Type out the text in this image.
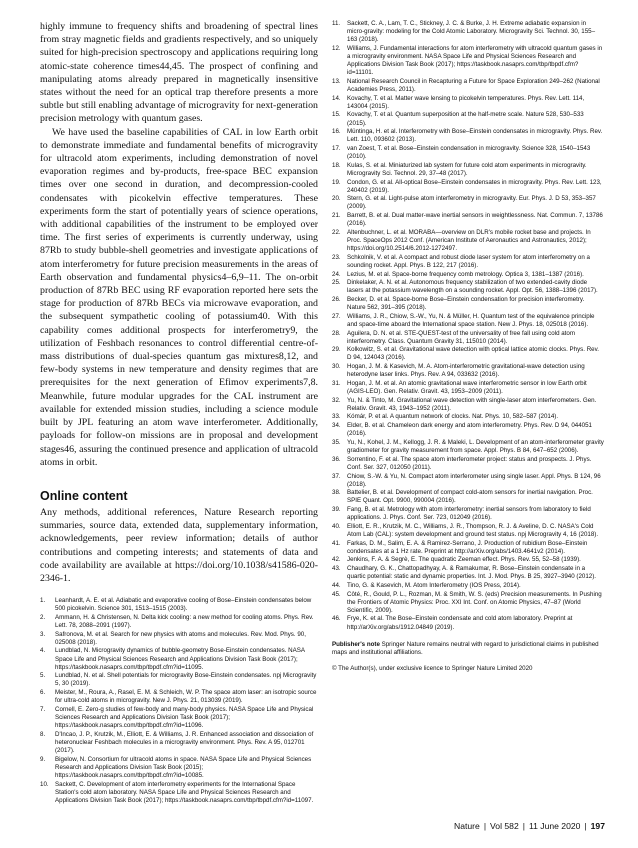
highly immune to frequency shifts and broadening of spectral lines from stray magnetic fields and gradients respectively, and so uniquely suited for high-precision spectroscopy and applications requiring long atomic-state coherence times44,45. The prospect of confining and manipulating atoms already prepared in magnetically insensitive states without the need for an optical trap therefore presents a more subtle but still enabling advantage of microgravity for next-generation precision metrology with quantum gases.

We have used the baseline capabilities of CAL in low Earth orbit to demonstrate immediate and fundamental benefits of microgravity for ultracold atom experiments, including demonstration of novel evaporation regimes and by-products, free-space BEC expansion times over one second in duration, and decompression-cooled condensates with picokelvin effective temperatures. These experiments form the start of potentially years of science operations, with additional capabilities of the instrument to be employed over time. The first series of experiments is currently underway, using 87Rb to study bubble-shell geometries and investigate applications of atom interferometry for future precision measurements in the areas of Earth observation and fundamental physics4–6,9–11. The on-orbit production of 87Rb BEC using RF evaporation reported here sets the stage for production of 87Rb BECs via microwave evaporation, and the subsequent sympathetic cooling of potassium40. With this capability comes additional prospects for interferometry9, the utilization of Feshbach resonances to control differential centre-of-mass distributions of dual-species quantum gas mixtures8,12, and few-body systems in new temperature and density regimes that are prerequisites for the next generation of Efimov experiments7,8. Meanwhile, future modular upgrades for the CAL instrument are available for extended mission studies, including a science module built by JPL featuring an atom wave interferometer. Additionally, payloads for follow-on missions are in proposal and development stages46, assuring the continued presence and application of ultracold atoms in orbit.

Online content

Any methods, additional references, Nature Research reporting summaries, source data, extended data, supplementary information, acknowledgements, peer review information; details of author contributions and competing interests; and statements of data and code availability are available at https://doi.org/10.1038/s41586-020-2346-1.

1.	Leanhardt, A. E. et al. Adiabatic and evaporative cooling of Bose–Einstein condensates below 500 picokelvin. Science 301, 1513–1515 (2003).
2.	Ammann, H. & Christensen, N. Delta kick cooling: a new method for cooling atoms. Phys. Rev. Lett. 78, 2088–2091 (1997).
3.	Safronova, M. et al. Search for new physics with atoms and molecules. Rev. Mod. Phys. 90, 025008 (2018).
4.	Lundblad, N. Microgravity dynamics of bubble-geometry Bose-Einstein condensates. NASA Space Life and Physical Sciences Research and Applications Division Task Book (2017); https://taskbook.nasaprs.com/tbp/tbpdf.cfm?id=11095.
5.	Lundblad, N. et al. Shell potentials for microgravity Bose-Einstein condensates. npj Microgravity 5, 30 (2019).
6.	Meister, M., Roura, A., Rasel, E. M. & Schleich, W. P. The space atom laser: an isotropic source for ultra-cold atoms in microgravity. New J. Phys. 21, 013039 (2019).
7.	Cornell, E. Zero-g studies of few-body and many-body physics. NASA Space Life and Physical Sciences Research and Applications Division Task Book (2017); https://taskbook.nasaprs.com/tbp/tbpdf.cfm?id=11096.
8.	D'Incao, J. P., Krutzik, M., Elliott, E. & Williams, J. R. Enhanced association and dissociation of heteronuclear Feshbach molecules in a microgravity environment. Phys. Rev. A 95, 012701 (2017).
9.	Bigelow, N. Consortium for ultracold atoms in space. NASA Space Life and Physical Sciences Research and Applications Division Task Book (2015); https://taskbook.nasaprs.com/tbp/tbpdf.cfm?id=10085.
10.	Sackett, C. Development of atom interferometry experiments for the International Space Station's cold atom laboratory. NASA Space Life and Physical Sciences Research and Applications Division Task Book (2017); https://taskbook.nasaprs.com/tbp/tbpdf.cfm?id=11097.
11.	Sackett, C. A., Lam, T. C., Stickney, J. C. & Burke, J. H. Extreme adiabatic expansion in micro-gravity: modeling for the Cold Atomic Laboratory. Microgravity Sci. Technol. 30, 155–163 (2018).
12.	Williams, J. Fundamental interactions for atom interferometry with ultracold quantum gases in a microgravity environment. NASA Space Life and Physical Sciences Research and Applications Division Task Book (2017); https://taskbook.nasaprs.com/tbp/tbpdf.cfm?id=11101.
13.	National Research Council in Recapturing a Future for Space Exploration 249–262 (National Academies Press, 2011).
14.	Kovachy, T. et al. Matter wave lensing to picokelvin temperatures. Phys. Rev. Lett. 114, 143004 (2015).
15.	Kovachy, T. et al. Quantum superposition at the half-metre scale. Nature 528, 530–533 (2015).
16.	Müntinga, H. et al. Interferometry with Bose–Einstein condensates in microgravity. Phys. Rev. Lett. 110, 093602 (2013).
17.	van Zoest, T. et al. Bose–Einstein condensation in microgravity. Science 328, 1540–1543 (2010).
18.	Kulas, S. et al. Miniaturized lab system for future cold atom experiments in microgravity. Microgravity Sci. Technol. 29, 37–48 (2017).
19.	Condon, G. et al. All-optical Bose–Einstein condensates in microgravity. Phys. Rev. Lett. 123, 240402 (2019).
20.	Stern, G. et al. Light-pulse atom interferometry in microgravity. Eur. Phys. J. D 53, 353–357 (2009).
21.	Barrett, B. et al. Dual matter-wave inertial sensors in weightlessness. Nat. Commun. 7, 13786 (2016).
22.	Altenbuchner, L. et al. MORABA—overview on DLR's mobile rocket base and projects. In Proc. SpaceOps 2012 Conf. (American Institute of Aeronautics and Astronautics, 2012); https://doi.org/10.2514/6.2012-1272497.
23.	Schkolnik, V. et al. A compact and robust diode laser system for atom interferometry on a sounding rocket. Appl. Phys. B 122, 217 (2016).
24.	Lezius, M. et al. Space-borne frequency comb metrology. Optica 3, 1381–1387 (2016).
25.	Dinkelaker, A. N. et al. Autonomous frequency stabilization of two extended-cavity diode lasers at the potassium wavelength on a sounding rocket. Appl. Opt. 56, 1388–1396 (2017).
26.	Becker, D. et al. Space-borne Bose–Einstein condensation for precision interferometry. Nature 562, 391–395 (2018).
27.	Williams, J. R., Chiow, S.-W., Yu, N. & Müller, H. Quantum test of the equivalence principle and space-time aboard the International space station. New J. Phys. 18, 025018 (2016).
28.	Aguilera, D. N. et al. STE-QUEST-test of the universality of free fall using cold atom interferometry. Class. Quantum Gravity 31, 115010 (2014).
29.	Kolkowitz, S. et al. Gravitational wave detection with optical lattice atomic clocks. Phys. Rev. D 94, 124043 (2016).
30.	Hogan, J. M. & Kasevich, M. A. Atom-interferometric gravitational-wave detection using heterodyne laser links. Phys. Rev. A 94, 033632 (2016).
31.	Hogan, J. M. et al. An atomic gravitational wave interferometric sensor in low Earth orbit (AGIS-LEO). Gen. Relativ. Gravit. 43, 1953–2009 (2011).
32.	Yu, N. & Tinto, M. Gravitational wave detection with single-laser atom interferometers. Gen. Relativ. Gravit. 43, 1943–1952 (2011).
33.	Kómár, P. et al. A quantum network of clocks. Nat. Phys. 10, 582–587 (2014).
34.	Elder, B. et al. Chameleon dark energy and atom interferometry. Phys. Rev. D 94, 044051 (2016).
35.	Yu, N., Kohel, J. M., Kellogg, J. R. & Maleki, L. Development of an atom-interferometer gravity gradiometer for gravity measurement from space. Appl. Phys. B 84, 647–652 (2006).
36.	Sorrentino, F. et al. The space atom interferometer project: status and prospects. J. Phys. Conf. Ser. 327, 012050 (2011).
37.	Chiow, S.-W. & Yu, N. Compact atom interferometer using single laser. Appl. Phys. B 124, 96 (2018).
38.	Battelier, B. et al. Development of compact cold-atom sensors for inertial navigation. Proc. SPIE Quant. Opt. 9900, 990004 (2016).
39.	Fang, B. et al. Metrology with atom interferometry: inertial sensors from laboratory to field applications. J. Phys. Conf. Ser. 723, 012049 (2016).
40.	Elliott, E. R., Krutzik, M. C., Williams, J. R., Thompson, R. J. & Aveline, D. C. NASA's Cold Atom Lab (CAL): system development and ground test status. npj Microgravity 4, 16 (2018).
41.	Farkas, D. M., Salim, E. A. & Ramirez-Serrano, J. Production of rubidium Bose–Einstein condensates at a 1 Hz rate. Preprint at http://arXiv.org/abs/1403.4641v2 (2014).
42.	Jenkins, F. A. & Segrè, E. The quadratic Zeeman effect. Phys. Rev. 55, 52–58 (1939).
43.	Chaudhary, G. K., Chattopadhyay, A. & Ramakumar, R. Bose–Einstein condensate in a quartic potential: static and dynamic properties. Int. J. Mod. Phys. B 25, 3927–3940 (2012).
44.	Tino, G. & Kasevich, M. Atom Interferometry (IOS Press, 2014).
45.	Côté, R., Gould, P. L., Rozman, M. & Smith, W. S. (eds) Precision measurements. In Pushing the Frontiers of Atomic Physics: Proc. XXI Int. Conf. on Atomic Physics, 47–87 (World Scientific, 2009).
46.	Frye, K. et al. The Bose–Einstein condensate and cold atom laboratory. Preprint at http://arXiv.org/abs/1912.04849 (2019).
Publisher's note Springer Nature remains neutral with regard to jurisdictional claims in published maps and institutional affiliations.
© The Author(s), under exclusive licence to Springer Nature Limited 2020
Nature | Vol 582 | 11 June 2020 | 197
